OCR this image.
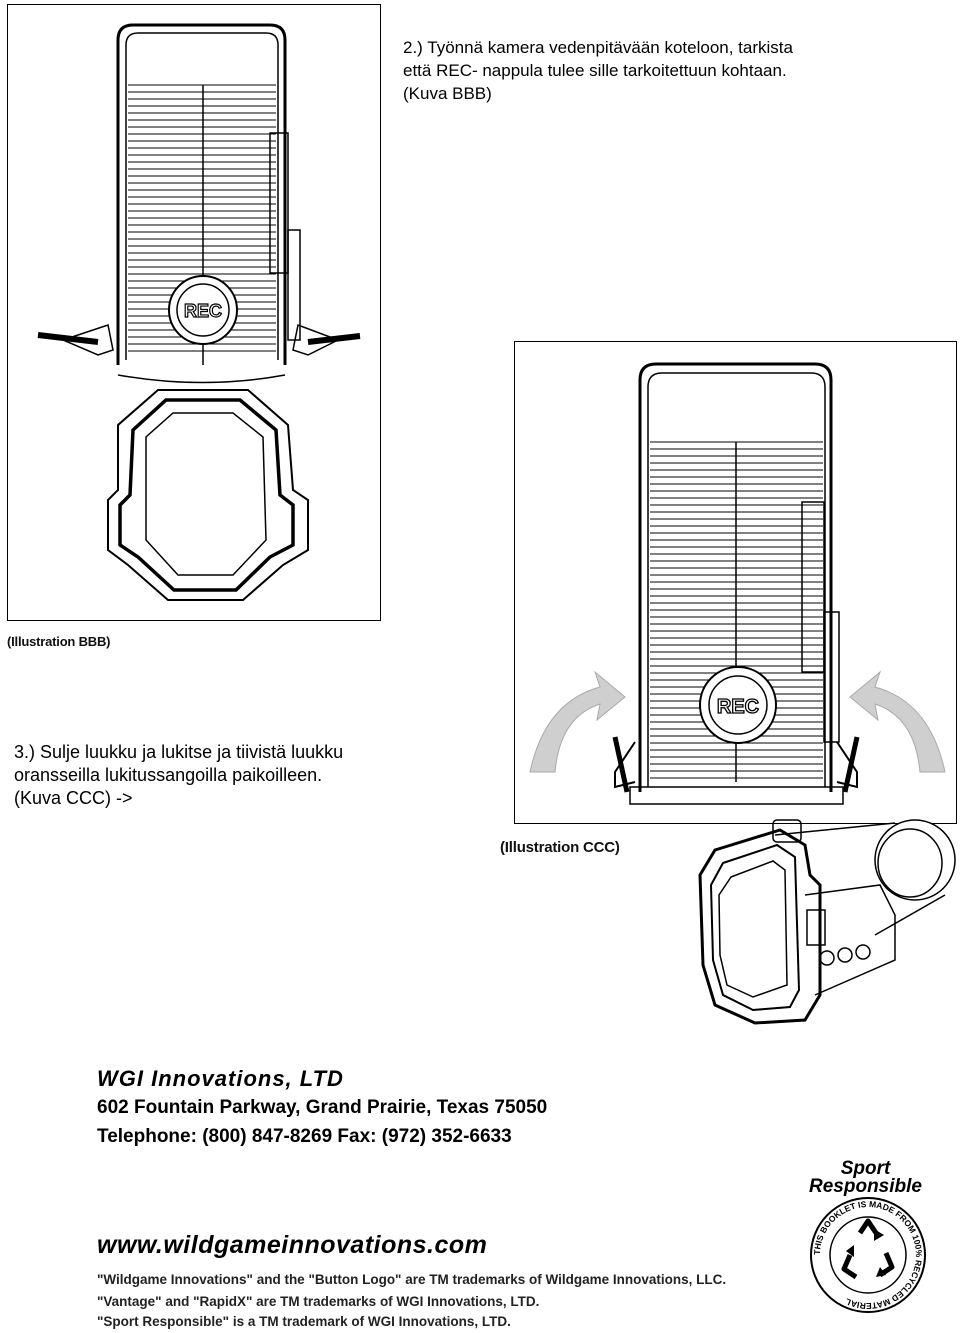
REC
(Illustration BBB)

2.) Työnnä kamera vedenpitävään koteloon, tarkista

että REC- nappula tulee sille tarkoitettuun kohtaan.

(Kuva BBB)

REC
(Illustration CCC)

3.) Sulje luukku ja lukitse ja tiivistä luukku

oransseilla lukitussangoilla paikoilleen.

(Kuva CCC) ->

WGI Innovations, LTD
602 Fountain Parkway, Grand Prairie, Texas 75050
Telephone: (800) 847-8269 Fax: (972) 352-6633
www.wildgameinnovations.com
"Wildgame Innovations" and the "Button Logo" are TM trademarks of Wildgame Innovations, LLC.
"Vantage" and "RapidX" are TM trademarks of WGI Innovations, LTD.
"Sport Responsible" is a TM trademark of WGI Innovations, LTD.
Sport
Responsible
THIS BOOKLET IS MADE FROM 100% RECYCLED MATERIAL
